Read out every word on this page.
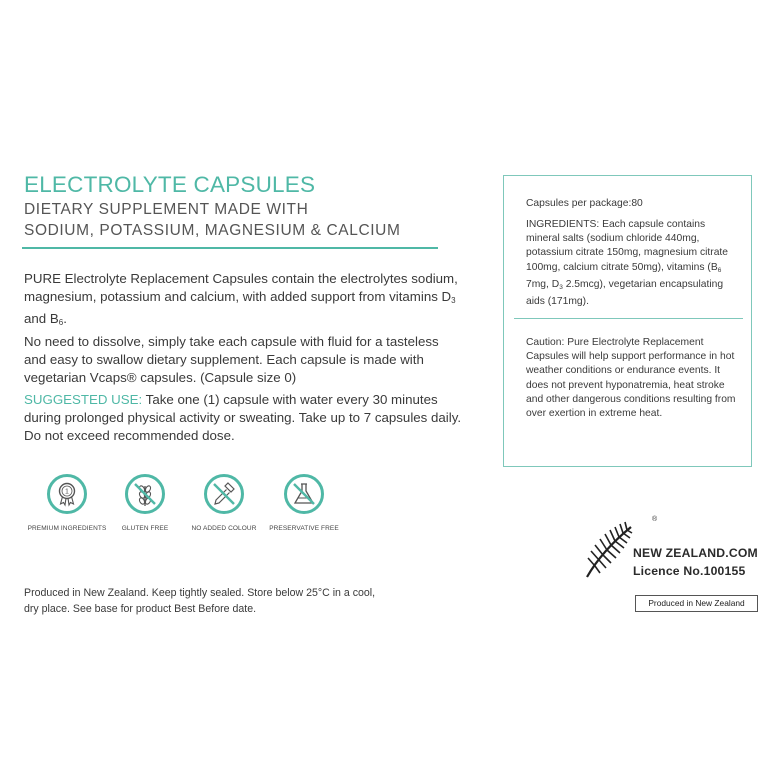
ELECTROLYTE CAPSULES
DIETARY SUPPLEMENT MADE WITH
SODIUM, POTASSIUM, MAGNESIUM & CALCIUM
PURE Electrolyte Replacement Capsules contain the electrolytes sodium, magnesium, potassium and calcium, with added support from vitamins $D_3$ and $B_6$.
No need to dissolve, simply take each capsule with fluid for a tasteless and easy to swallow dietary supplement. Each capsule is made with vegetarian Vcaps® capsules. (Capsule size 0)
SUGGESTED USE: Take one (1) capsule with water every 30 minutes during prolonged physical activity or sweating. Take up to 7 capsules daily. Do not exceed recommended dose.
1
PREMIUM INGREDIENTS	GLUTEN FREE	NO ADDED COLOUR	PRESERVATIVE FREE
Produced in New Zealand. Keep tightly sealed. Store below 25°C in a cool, dry place. See base for product Best Before date.
Capsules per package:80
INGREDIENTS: Each capsule contains mineral salts (sodium chloride 440mg, potassium citrate 150mg, magnesium citrate 100mg, calcium citrate 50mg), vitamins ($B_6$ 7mg, $D_3$ 2.5mcg), vegetarian encapsulating aids (171mg).
Caution: Pure Electrolyte Replacement Capsules will help support performance in hot weather conditions or endurance events. It does not prevent hyponatremia, heat stroke and other dangerous conditions resulting from over exertion in extreme heat.
®
NEW ZEALAND.COM
Licence No.100155
Produced in New Zealand
